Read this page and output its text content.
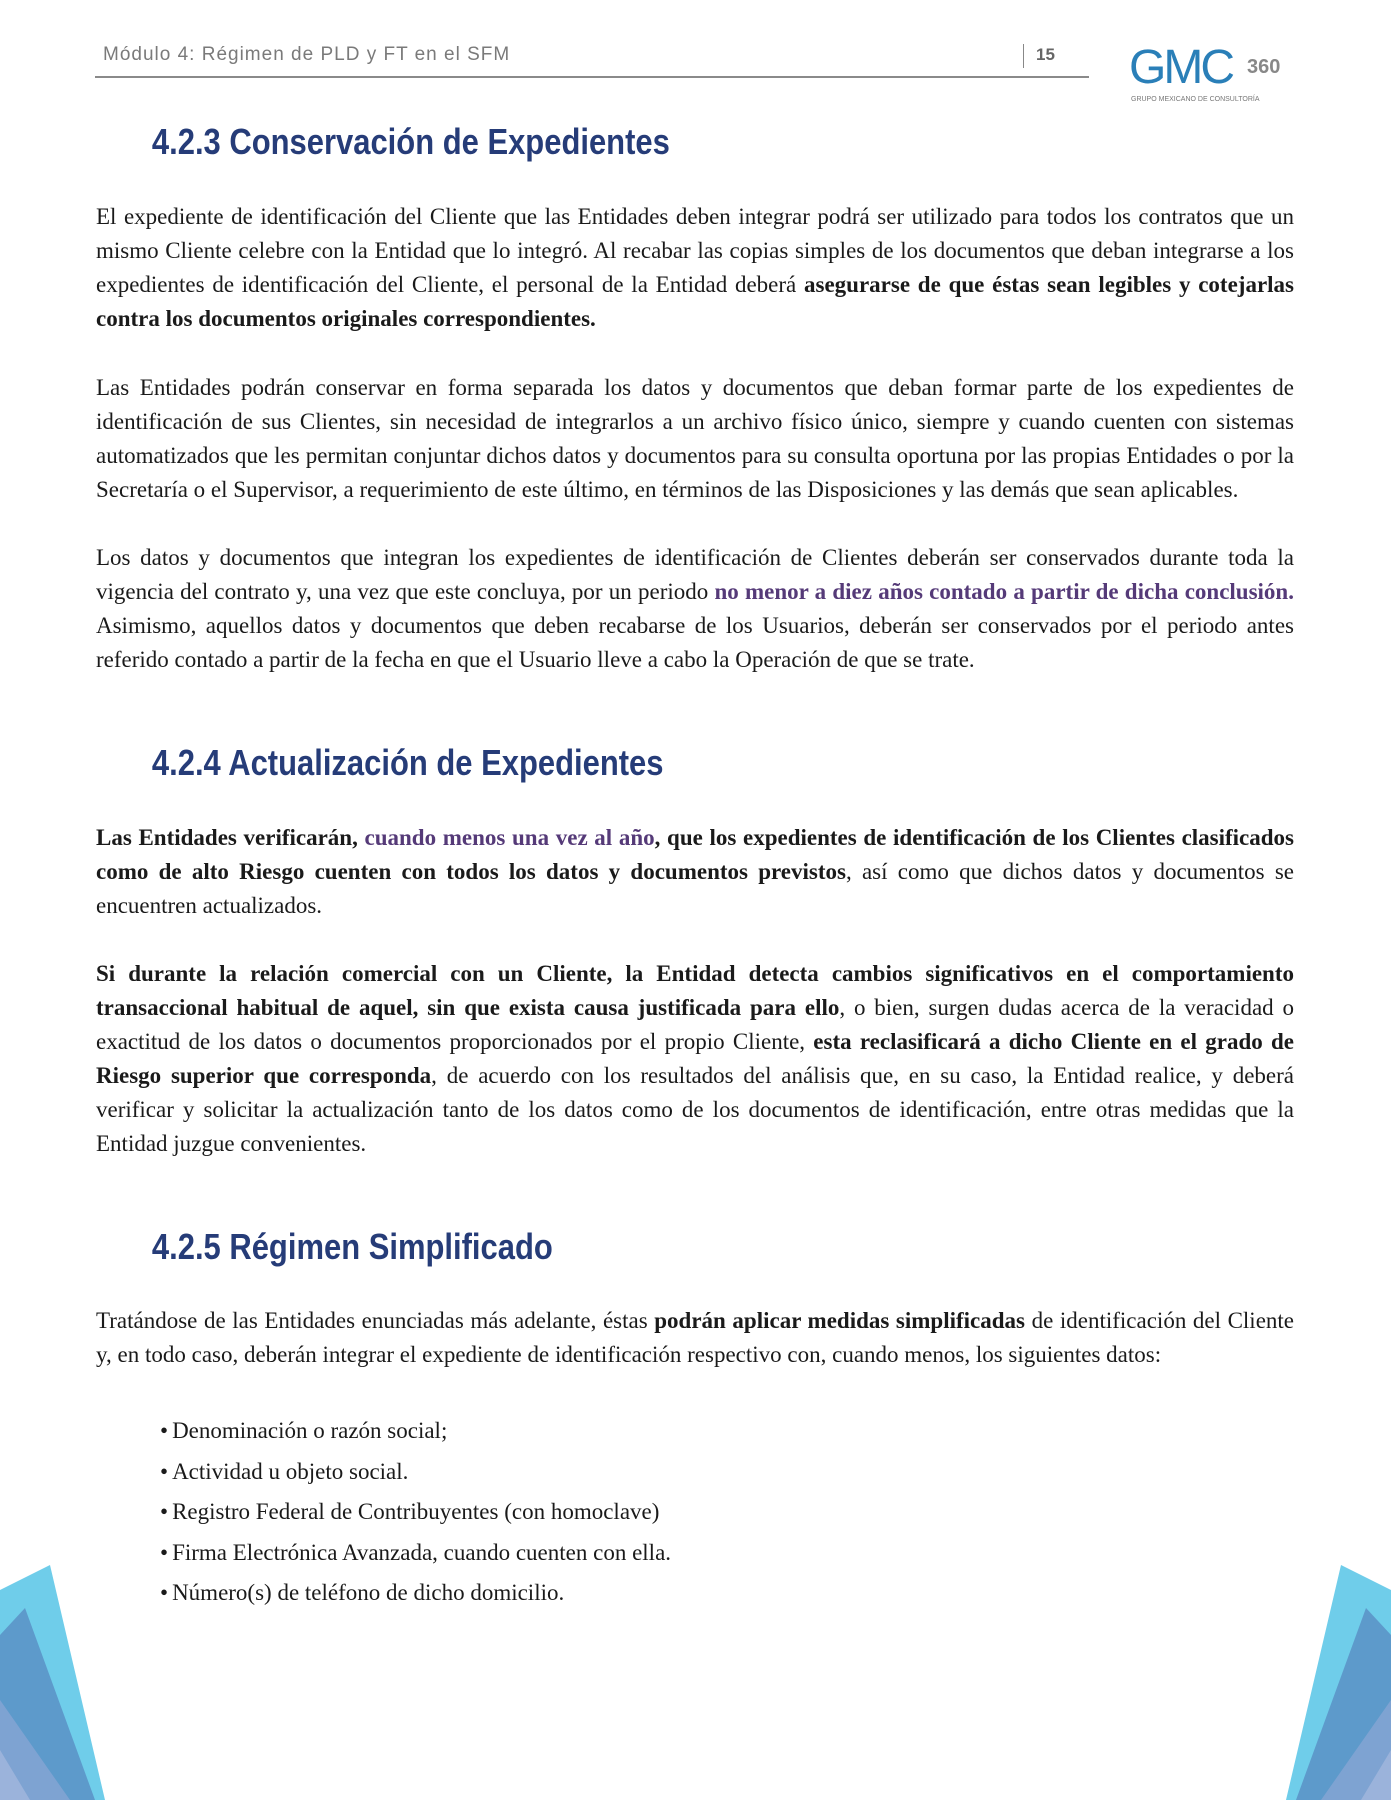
Módulo 4: Régimen de PLD y FT en el SFM	15 GMC 360
GRUPO MEXICANO DE CONSULTORÍA
4.2.3 Conservación de Expedientes

El expediente de identificación del Cliente que las Entidades deben integrar podrá ser utilizado para todos los contratos que un mismo Cliente celebre con la Entidad que lo integró. Al recabar las copias simples de los documentos que deban integrarse a los expedientes de identificación del Cliente, el personal de la Entidad deberá asegurarse de que éstas sean legibles y cotejarlas contra los documentos originales correspondientes.

Las Entidades podrán conservar en forma separada los datos y documentos que deban formar parte de los expedientes de identificación de sus Clientes, sin necesidad de integrarlos a un archivo físico único, siempre y cuando cuenten con sistemas automatizados que les permitan conjuntar dichos datos y documentos para su consulta oportuna por las propias Entidades o por la Secretaría o el Supervisor, a requerimiento de este último, en términos de las Disposiciones y las demás que sean aplicables.

Los datos y documentos que integran los expedientes de identificación de Clientes deberán ser conservados durante toda la vigencia del contrato y, una vez que este concluya, por un periodo no menor a diez años contado a partir de dicha conclusión. Asimismo, aquellos datos y documentos que deben recabarse de los Usuarios, deberán ser conservados por el periodo antes referido contado a partir de la fecha en que el Usuario lleve a cabo la Operación de que se trate.

4.2.4 Actualización de Expedientes

Las Entidades verificarán, cuando menos una vez al año, que los expedientes de identificación de los Clientes clasificados como de alto Riesgo cuenten con todos los datos y documentos previstos, así como que dichos datos y documentos se encuentren actualizados.

Si durante la relación comercial con un Cliente, la Entidad detecta cambios significativos en el comportamiento transaccional habitual de aquel, sin que exista causa justificada para ello, o bien, surgen dudas acerca de la veracidad o exactitud de los datos o documentos proporcionados por el propio Cliente, esta reclasificará a dicho Cliente en el grado de Riesgo superior que corresponda, de acuerdo con los resultados del análisis que, en su caso, la Entidad realice, y deberá verificar y solicitar la actualización tanto de los datos como de los documentos de identificación, entre otras medidas que la Entidad juzgue convenientes.

4.2.5 Régimen Simplificado

Tratándose de las Entidades enunciadas más adelante, éstas podrán aplicar medidas simplificadas de identificación del Cliente y, en todo caso, deberán integrar el expediente de identificación respectivo con, cuando menos, los siguientes datos:

• Denominación o razón social;
• Actividad u objeto social.
• Registro Federal de Contribuyentes (con homoclave)
• Firma Electrónica Avanzada, cuando cuenten con ella.
• Número(s) de teléfono de dicho domicilio.
